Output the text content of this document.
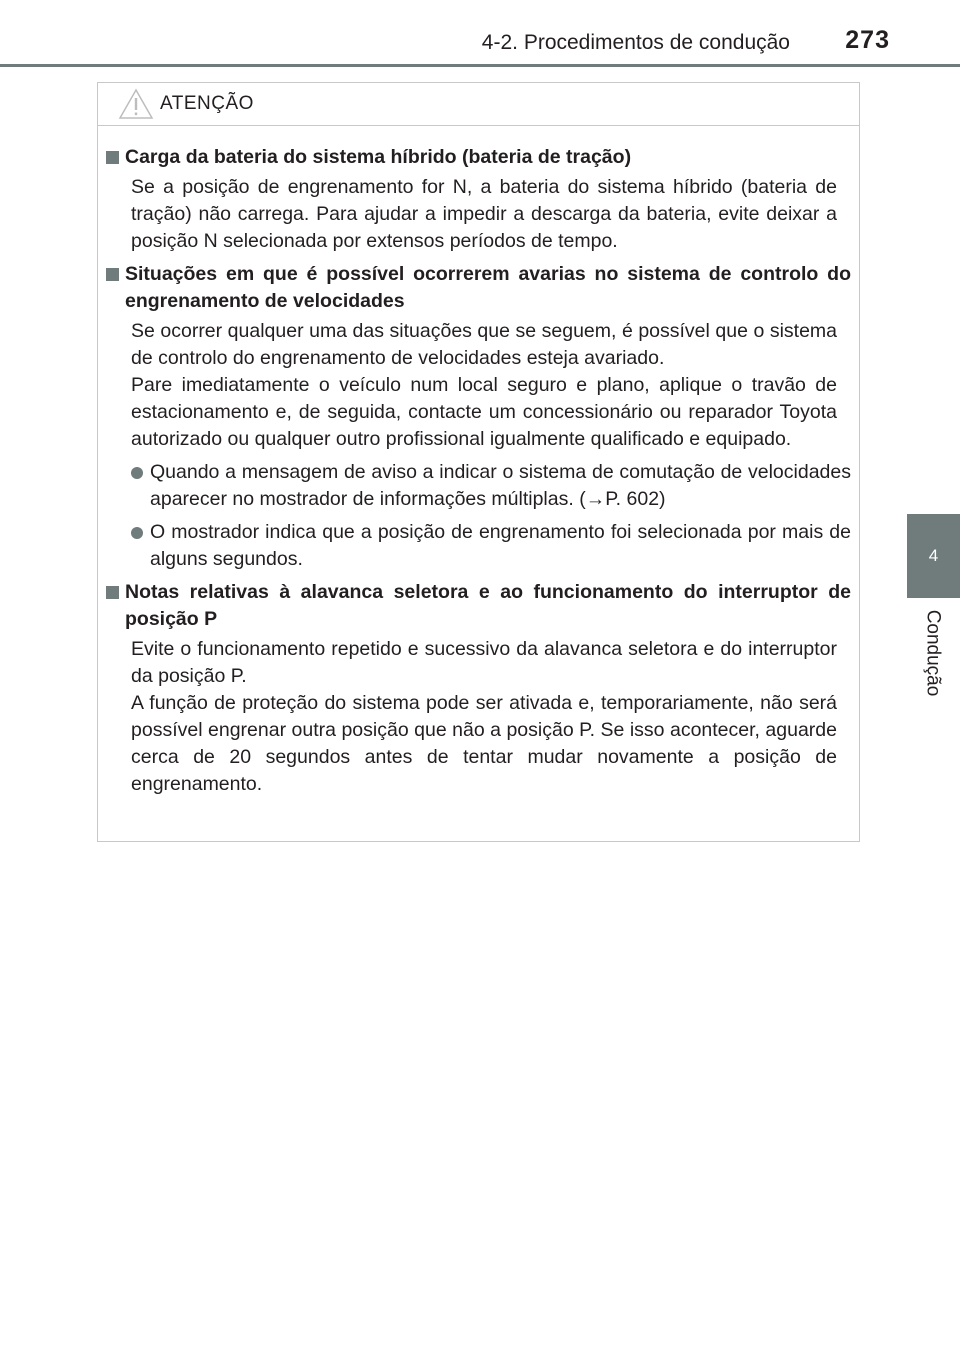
4-2. Procedimentos de condução 273
4
Condução
ATENÇÃO
Carga da bateria do sistema híbrido (bateria de tração)

Se a posição de engrenamento for N, a bateria do sistema híbrido (bateria de tração) não carrega. Para ajudar a impedir a descarga da bateria, evite deixar a posição N selecionada por extensos períodos de tempo.

Situações em que é possível ocorrerem avarias no sistema de controlo do engrenamento de velocidades

Se ocorrer qualquer uma das situações que se seguem, é possível que o sistema de controlo do engrenamento de velocidades esteja avariado.

Pare imediatamente o veículo num local seguro e plano, aplique o travão de estacionamento e, de seguida, contacte um concessionário ou reparador Toyota autorizado ou qualquer outro profissional igualmente qualificado e equipado.

Quando a mensagem de aviso a indicar o sistema de comutação de velocidades aparecer no mostrador de informações múltiplas. (→P. 602)
O mostrador indica que a posição de engrenamento foi selecionada por mais de alguns segundos.
Notas relativas à alavanca seletora e ao funcionamento do interruptor de posição P

Evite o funcionamento repetido e sucessivo da alavanca seletora e do interruptor da posição P.

A função de proteção do sistema pode ser ativada e, temporariamente, não será possível engrenar outra posição que não a posição P. Se isso acontecer, aguarde cerca de 20 segundos antes de tentar mudar novamente a posição de engrenamento.
